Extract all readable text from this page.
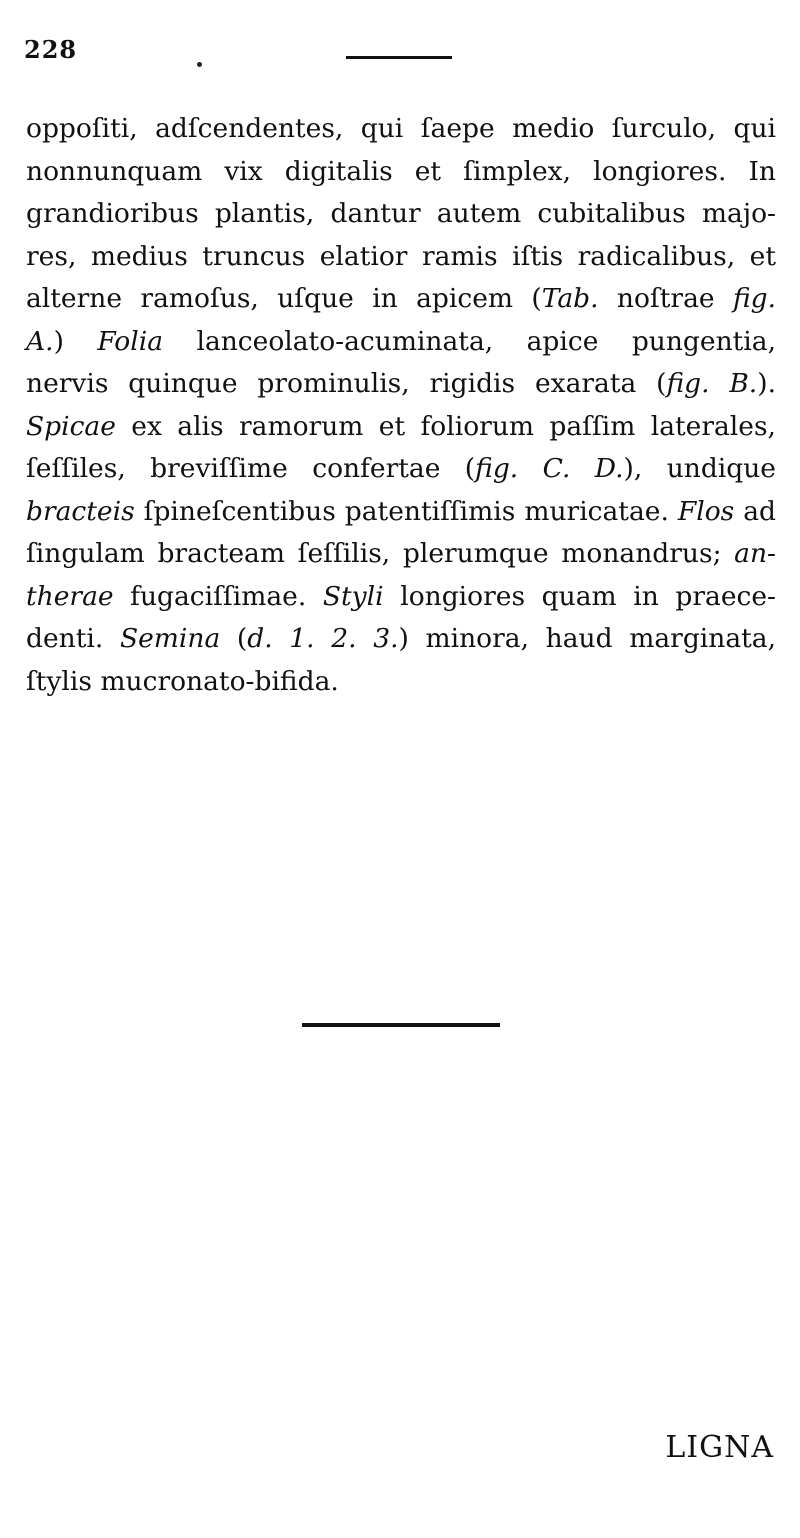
228
oppoſiti, adſcendentes, qui ſaepe medio ſurculo, qui
nonnunquam vix digitalis et ſimplex, longiores. In
grandioribus plantis, dantur autem cubitalibus majo-
res, medius truncus elatior ramis iſtis radicalibus, et
alterne ramoſus, uſque in apicem (Tab. noſtrae fig.
A.) Folia lanceolato-acuminata, apice pungentia,
nervis quinque prominulis, rigidis exarata (fig. B.).
Spicae ex alis ramorum et foliorum paſſim laterales,
ſeſſiles, breviſſime confertae (fig. C. D.), undique
bracteis ſpineſcentibus patentiſſimis muricatae. Flos ad
ſingulam bracteam ſeſſilis, plerumque monandrus; an-
therae fugaciſſimae. Styli longiores quam in praece-
denti. Semina (d. 1. 2. 3.) minora, haud marginata,
ſtylis mucronato-bifida.
LIGNA
